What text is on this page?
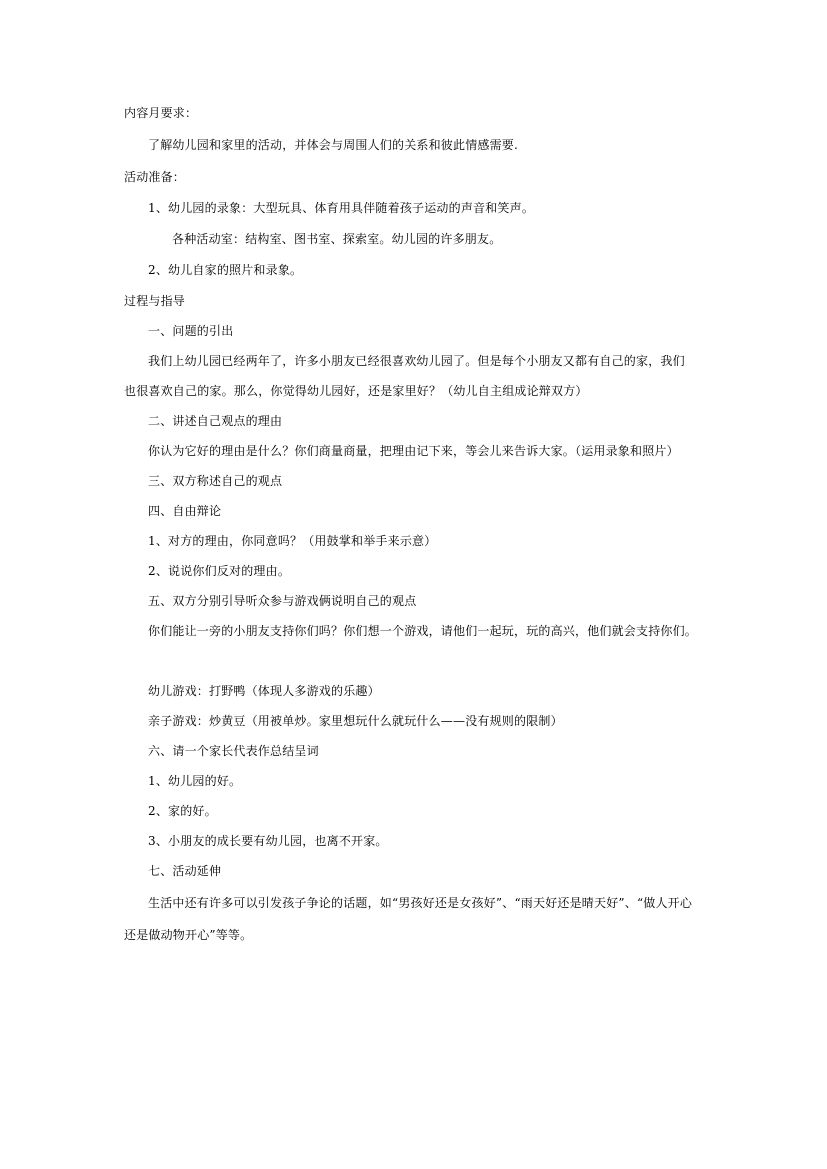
内容月要求：
了解幼儿园和家里的活动，并体会与周围人们的关系和彼此情感需要.
活动准备：
1、幼儿园的录象：大型玩具、体育用具伴随着孩子运动的声音和笑声。
各种活动室：结构室、图书室、探索室。幼儿园的许多朋友。
2、幼儿自家的照片和录象。
过程与指导
一、问题的引出
我们上幼儿园已经两年了，许多小朋友已经很喜欢幼儿园了。但是每个小朋友又都有自己的家，我们
也很喜欢自己的家。那么，你觉得幼儿园好，还是家里好？（幼儿自主组成论辩双方）
二、讲述自己观点的理由
你认为它好的理由是什么？你们商量商量，把理由记下来，等会儿来告诉大家。（运用录象和照片）
三、双方称述自己的观点
四、自由辩论
1、对方的理由，你同意吗？（用鼓掌和举手来示意）
2、说说你们反对的理由。
五、双方分别引导听众参与游戏俩说明自己的观点
你们能让一旁的小朋友支持你们吗？你们想一个游戏，请他们一起玩，玩的高兴，他们就会支持你们。
幼儿游戏：打野鸭（体现人多游戏的乐趣）
亲子游戏：炒黄豆（用被单炒。家里想玩什么就玩什么——没有规则的限制）
六、请一个家长代表作总结呈词
1、幼儿园的好。
2、家的好。
3、小朋友的成长要有幼儿园，也离不开家。
七、活动延伸
生活中还有许多可以引发孩子争论的话题，如“男孩好还是女孩好”、“雨天好还是晴天好”、“做人开心
还是做动物开心”等等。
